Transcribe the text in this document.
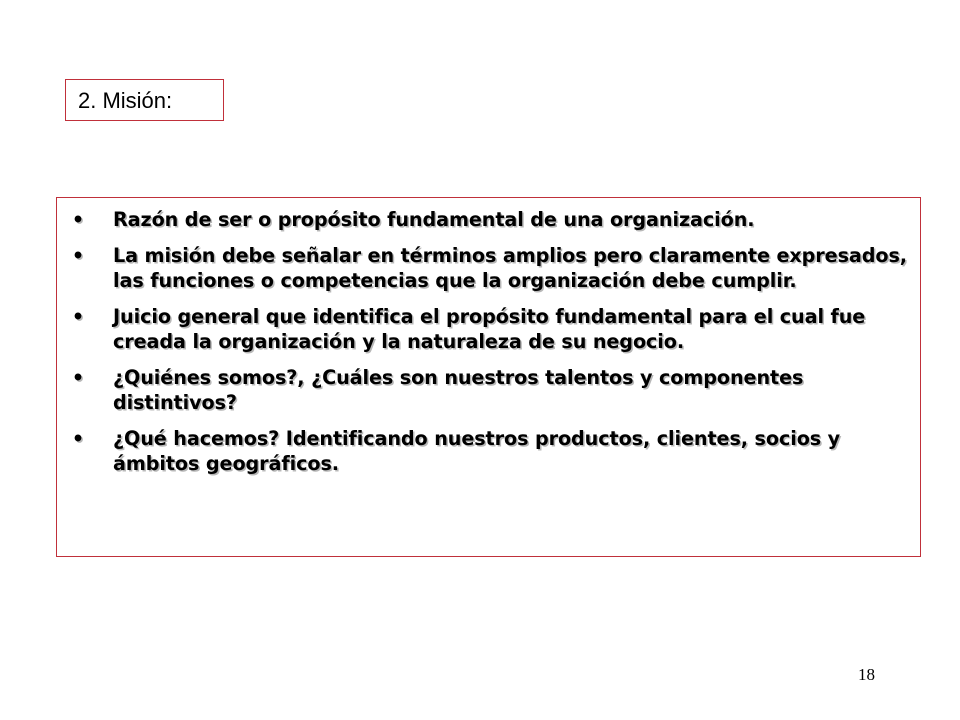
2. Misión:
• Razón de ser o propósito fundamental de una organización.
• La misión debe señalar en términos amplios pero claramente expresados, las funciones o competencias que la organización debe cumplir.
• Juicio general que identifica el propósito fundamental para el cual fue creada la organización y la naturaleza de su negocio.
• ¿Quiénes somos?, ¿Cuáles son nuestros talentos y componentes distintivos?
• ¿Qué hacemos? Identificando nuestros productos, clientes, socios y ámbitos geográficos.
18
